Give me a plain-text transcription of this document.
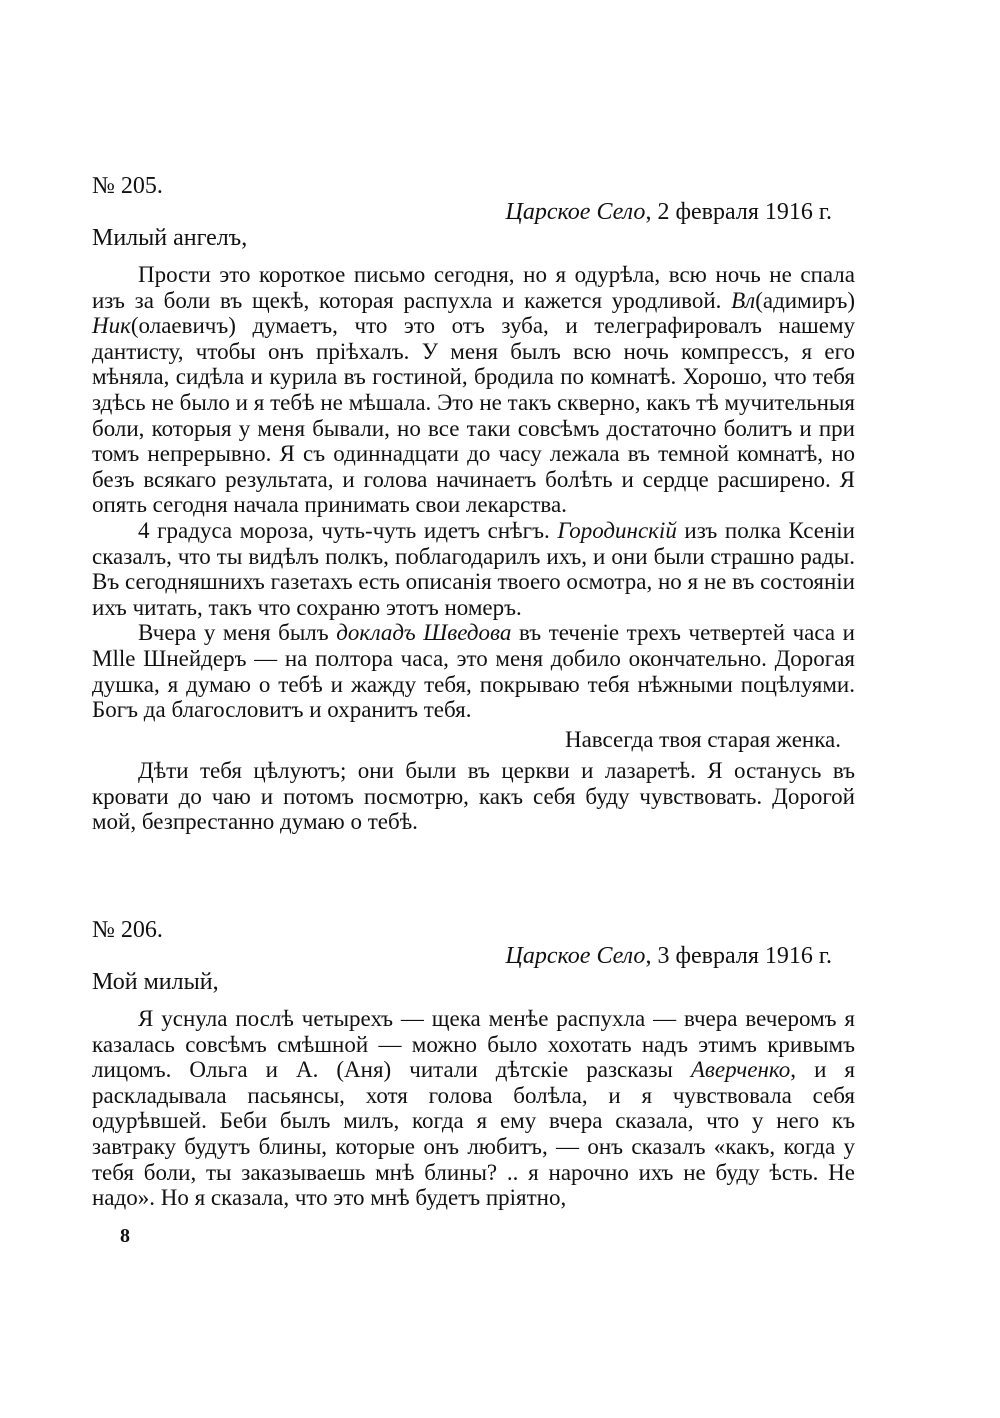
№ 205.
Царское Село, 2 февраля 1916 г.
Милый ангелъ,

Прости это короткое письмо сегодня, но я одурѣла, всю ночь не спала изъ за боли въ щекѣ, которая распухла и кажется уродливой. Вл(адимиръ) Ник(олаевичъ) думаетъ, что это отъ зуба, и телеграфировалъ нашему дантисту, чтобы онъ пріѣхалъ. У меня былъ всю ночь компрессъ, я его мѣняла, сидѣла и курила въ гостиной, бродила по комнатѣ. Хорошо, что тебя здѣсь не было и я тебѣ не мѣшала. Это не такъ скверно, какъ тѣ мучительныя боли, которыя у меня бывали, но все таки совсѣмъ достаточно болитъ и при томъ непрерывно. Я съ одиннадцати до часу лежала въ темной комнатѣ, но безъ всякаго результата, и голова начинаетъ болѣть и сердце расширено. Я опять сегодня начала принимать свои лекарства.

4 градуса мороза, чуть-чуть идетъ снѣгъ. Городинскій изъ полка Ксеніи сказалъ, что ты видѣлъ полкъ, поблагодарилъ ихъ, и они были страшно рады. Въ сегодняшнихъ газетахъ есть описанія твоего осмотра, но я не въ состояніи ихъ читать, такъ что сохраню этотъ номеръ.

Вчера у меня былъ докладъ Шведова въ теченіе трехъ четвертей часа и Mlle Шнейдеръ — на полтора часа, это меня добило окончательно. Дорогая душка, я думаю о тебѣ и жажду тебя, покрываю тебя нѣжными поцѣлуями. Богъ да благословитъ и охранитъ тебя.

Навсегда твоя старая женка.

Дѣти тебя цѣлуютъ; они были въ церкви и лазаретѣ. Я останусь въ кровати до чаю и потомъ посмотрю, какъ себя буду чувствовать. Дорогой мой, безпрестанно думаю о тебѣ.

№ 206.
Царское Село, 3 февраля 1916 г.
Мой милый,

Я уснула послѣ четырехъ — щека менѣе распухла — вчера вечеромъ я казалась совсѣмъ смѣшной — можно было хохотать надъ этимъ кривымъ лицомъ. Ольга и А. (Аня) читали дѣтскіе разсказы Аверченко, и я раскладывала пасьянсы, хотя голова болѣла, и я чувствовала себя одурѣвшей. Беби былъ милъ, когда я ему вчера сказала, что у него къ завтраку будутъ блины, которые онъ любитъ, — онъ сказалъ «какъ, когда у тебя боли, ты заказываешь мнѣ блины? .. я нарочно ихъ не буду ѣсть. Не надо». Но я сказала, что это мнѣ будетъ пріятно,

8
